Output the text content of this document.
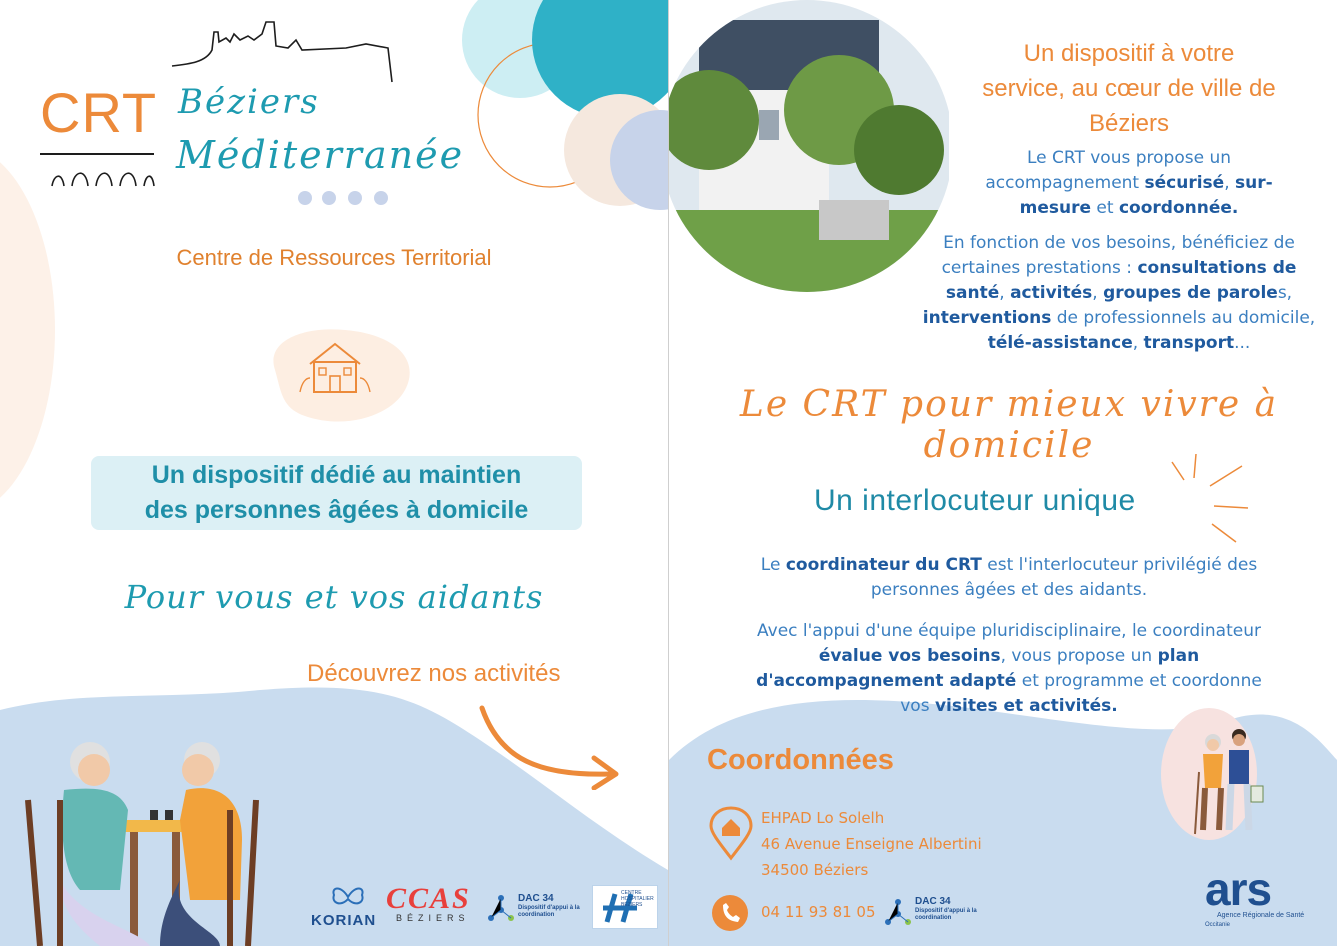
CRT Béziers
Méditerranée
Centre de Ressources Territorial
Un dispositif dédié au maintien
des personnes âgées à domicile
Pour vous et vos aidants
Découvrez nos activités
KORIAN
CCAS
BÉZIERS
DAC 34
Dispositif d'appui à la coordination
CENTRE HOSPITALIER BÉZIERS
Un dispositif à votre
service, au cœur de ville de
Béziers
Le CRT vous propose un
accompagnement sécurisé, sur-
mesure et coordonnée.
En fonction de vos besoins, bénéficiez de
certaines prestations : consultations de
santé, activités, groupes de paroles,
interventions de professionnels au domicile,
télé-assistance, transport...
Le CRT pour mieux vivre à domicile
Un interlocuteur unique
Le coordinateur du CRT est l'interlocuteur privilégié des
personnes âgées et des aidants.
Avec l'appui d'une équipe pluridisciplinaire, le coordinateur
évalue vos besoins, vous propose un plan
d'accompagnement adapté et programme et coordonne
vos visites et activités.
Coordonnées
EHPAD Lo Solelh
46 Avenue Enseigne Albertini
34500 Béziers
04 11 93 81 05
DAC 34
Dispositif d'appui à la coordination
ars
Agence Régionale de Santé
Occitanie
